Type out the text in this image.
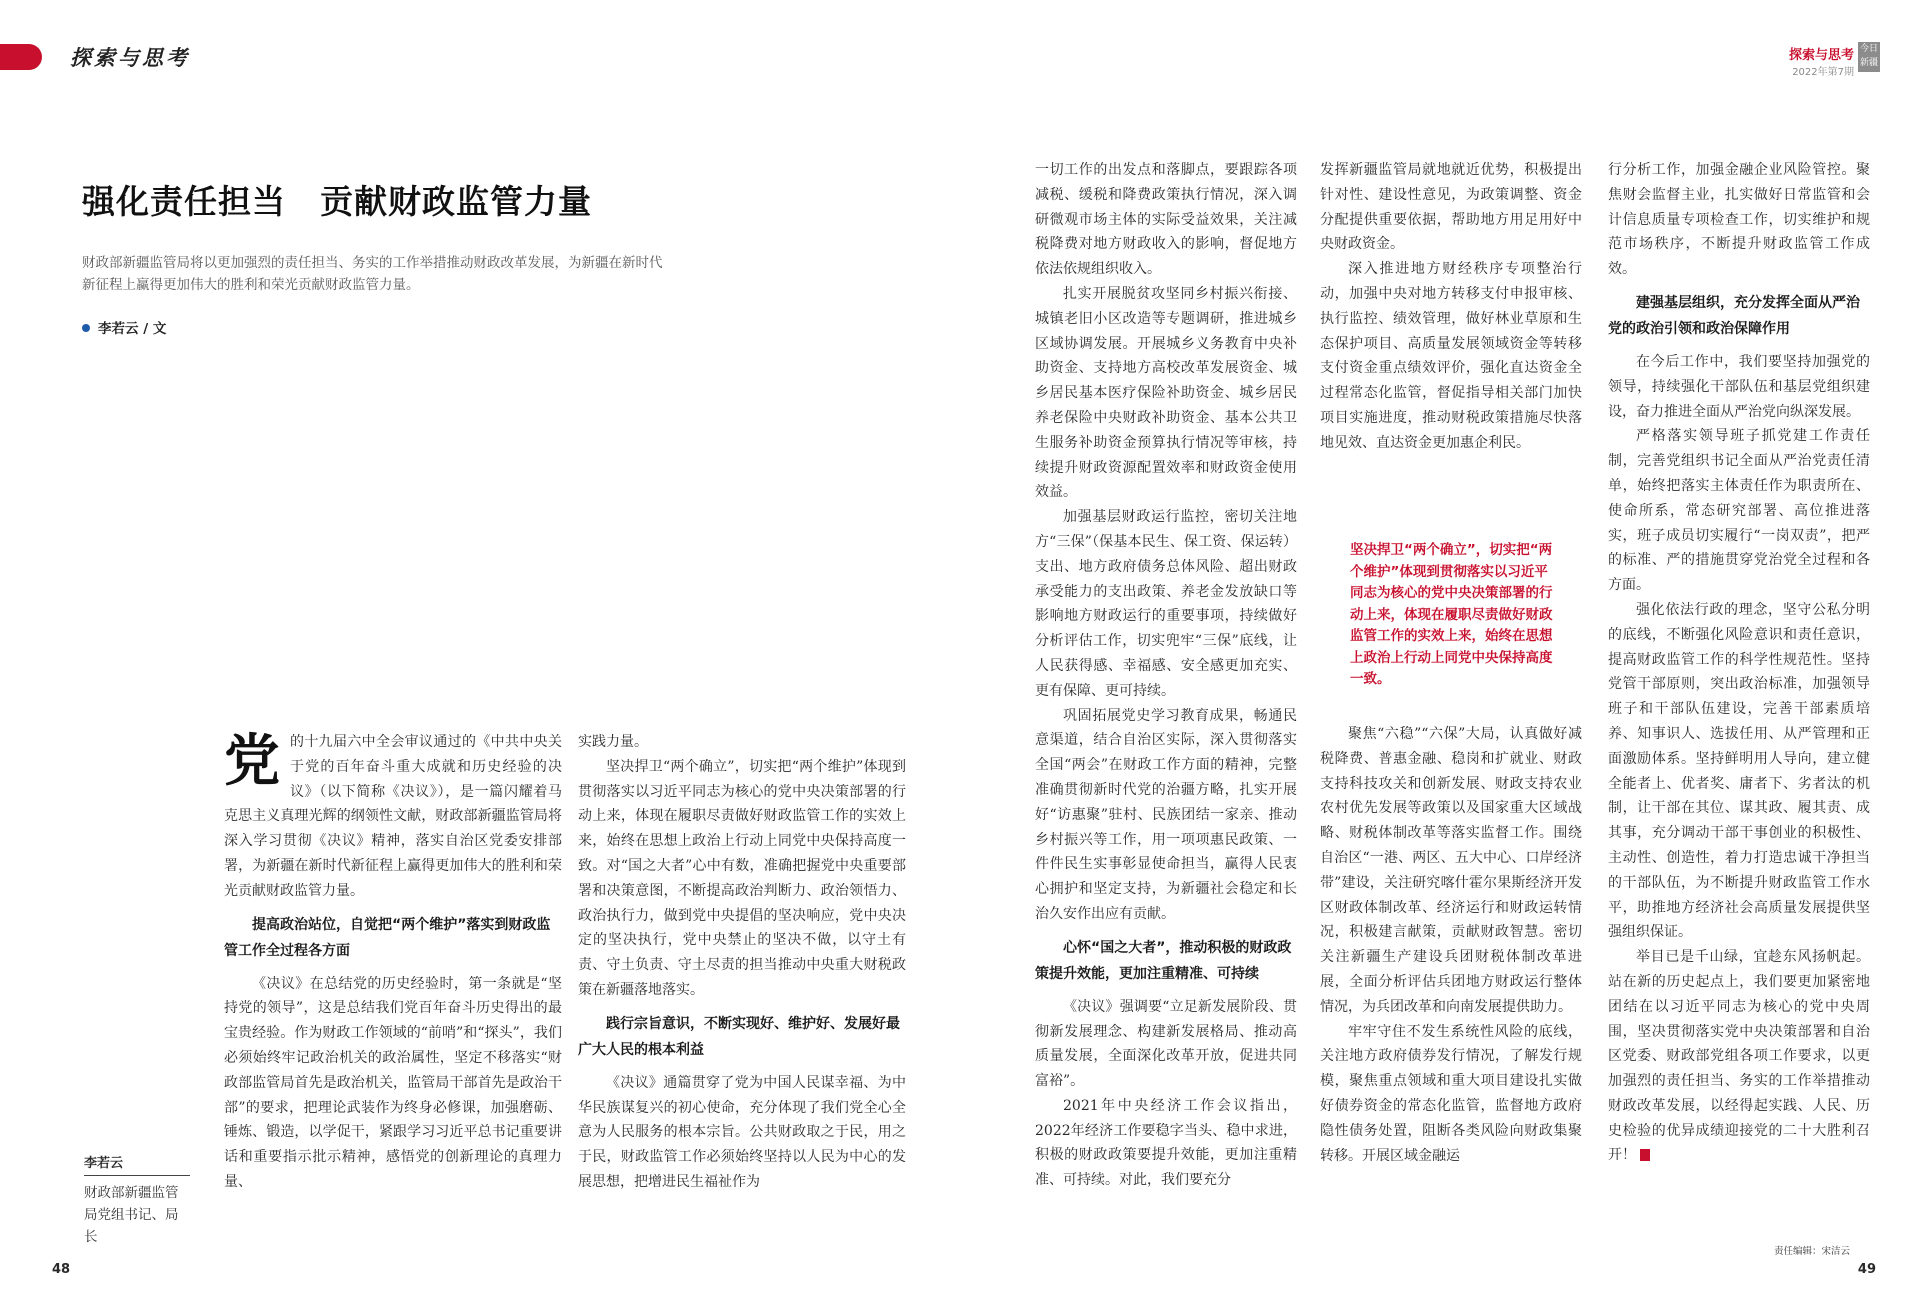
探索与思考	探索与思考
2022年第7期
今日新疆
强化责任担当　贡献财政监管力量
财政部新疆监管局将以更加强烈的责任担当、务实的工作举措推动财政改革发展，为新疆在新时代新征程上赢得更加伟大的胜利和荣光贡献财政监管力量。
李若云 / 文
李若云
财政部新疆监管局党组书记、局长

党的十九届六中全会审议通过的《中共中央关于党的百年奋斗重大成就和历史经验的决议》（以下简称《决议》），是一篇闪耀着马克思主义真理光辉的纲领性文献，财政部新疆监管局将深入学习贯彻《决议》精神，落实自治区党委安排部署，为新疆在新时代新征程上赢得更加伟大的胜利和荣光贡献财政监管力量。

提高政治站位，自觉把“两个维护”落实到财政监管工作全过程各方面

《决议》在总结党的历史经验时，第一条就是“坚持党的领导”，这是总结我们党百年奋斗历史得出的最宝贵经验。作为财政工作领域的“前哨”和“探头”，我们必须始终牢记政治机关的政治属性，坚定不移落实“财政部监管局首先是政治机关，监管局干部首先是政治干部”的要求，把理论武装作为终身必修课，加强磨砺、锤炼、锻造，以学促干，紧跟学习习近平总书记重要讲话和重要指示批示精神，感悟党的创新理论的真理力量、

实践力量。

坚决捍卫“两个确立”，切实把“两个维护”体现到贯彻落实以习近平同志为核心的党中央决策部署的行动上来，体现在履职尽责做好财政监管工作的实效上来，始终在思想上政治上行动上同党中央保持高度一致。对“国之大者”心中有数，准确把握党中央重要部署和决策意图，不断提高政治判断力、政治领悟力、政治执行力，做到党中央提倡的坚决响应，党中央决定的坚决执行，党中央禁止的坚决不做，以守土有责、守土负责、守土尽责的担当推动中央重大财税政策在新疆落地落实。

践行宗旨意识，不断实现好、维护好、发展好最广大人民的根本利益

《决议》通篇贯穿了党为中国人民谋幸福、为中华民族谋复兴的初心使命，充分体现了我们党全心全意为人民服务的根本宗旨。公共财政取之于民，用之于民，财政监管工作必须始终坚持以人民为中心的发展思想，把增进民生福祉作为

一切工作的出发点和落脚点，要跟踪各项减税、缓税和降费政策执行情况，深入调研微观市场主体的实际受益效果，关注减税降费对地方财政收入的影响，督促地方依法依规组织收入。

扎实开展脱贫攻坚同乡村振兴衔接、城镇老旧小区改造等专题调研，推进城乡区域协调发展。开展城乡义务教育中央补助资金、支持地方高校改革发展资金、城乡居民基本医疗保险补助资金、城乡居民养老保险中央财政补助资金、基本公共卫生服务补助资金预算执行情况等审核，持续提升财政资源配置效率和财政资金使用效益。

加强基层财政运行监控，密切关注地方“三保”（保基本民生、保工资、保运转）支出、地方政府债务总体风险、超出财政承受能力的支出政策、养老金发放缺口等影响地方财政运行的重要事项，持续做好分析评估工作，切实兜牢“三保”底线，让人民获得感、幸福感、安全感更加充实、更有保障、更可持续。

巩固拓展党史学习教育成果，畅通民意渠道，结合自治区实际，深入贯彻落实全国“两会”在财政工作方面的精神，完整准确贯彻新时代党的治疆方略，扎实开展好“访惠聚”驻村、民族团结一家亲、推动乡村振兴等工作，用一项项惠民政策、一件件民生实事彰显使命担当，赢得人民衷心拥护和坚定支持，为新疆社会稳定和长治久安作出应有贡献。

心怀“国之大者”，推动积极的财政政策提升效能，更加注重精准、可持续

《决议》强调要“立足新发展阶段、贯彻新发展理念、构建新发展格局、推动高质量发展，全面深化改革开放，促进共同富裕”。

2021年中央经济工作会议指出，2022年经济工作要稳字当头、稳中求进，积极的财政政策要提升效能，更加注重精准、可持续。对此，我们要充分

发挥新疆监管局就地就近优势，积极提出针对性、建设性意见，为政策调整、资金分配提供重要依据，帮助地方用足用好中央财政资金。

深入推进地方财经秩序专项整治行动，加强中央对地方转移支付申报审核、执行监控、绩效管理，做好林业草原和生态保护项目、高质量发展领域资金等转移支付资金重点绩效评价，强化直达资金全过程常态化监管，督促指导相关部门加快项目实施进度，推动财税政策措施尽快落地见效、直达资金更加惠企利民。

坚决捍卫“两个确立”，切实把“两个维护”体现到贯彻落实以习近平同志为核心的党中央决策部署的行动上来，体现在履职尽责做好财政监管工作的实效上来，始终在思想上政治上行动上同党中央保持高度一致。

聚焦“六稳”“六保”大局，认真做好减税降费、普惠金融、稳岗和扩就业、财政支持科技攻关和创新发展、财政支持农业农村优先发展等政策以及国家重大区域战略、财税体制改革等落实监督工作。围绕自治区“一港、两区、五大中心、口岸经济带”建设，关注研究喀什霍尔果斯经济开发区财政体制改革、经济运行和财政运转情况，积极建言献策，贡献财政智慧。密切关注新疆生产建设兵团财税体制改革进展，全面分析评估兵团地方财政运行整体情况，为兵团改革和向南发展提供助力。

牢牢守住不发生系统性风险的底线，关注地方政府债券发行情况，了解发行规模，聚焦重点领域和重大项目建设扎实做好债券资金的常态化监管，监督地方政府隐性债务处置，阻断各类风险向财政集聚转移。开展区域金融运

行分析工作，加强金融企业风险管控。聚焦财会监督主业，扎实做好日常监管和会计信息质量专项检查工作，切实维护和规范市场秩序，不断提升财政监管工作成效。

建强基层组织，充分发挥全面从严治党的政治引领和政治保障作用

在今后工作中，我们要坚持加强党的领导，持续强化干部队伍和基层党组织建设，奋力推进全面从严治党向纵深发展。

严格落实领导班子抓党建工作责任制，完善党组织书记全面从严治党责任清单，始终把落实主体责任作为职责所在、使命所系，常态研究部署、高位推进落实，班子成员切实履行“一岗双责”，把严的标准、严的措施贯穿党治党全过程和各方面。

强化依法行政的理念，坚守公私分明的底线，不断强化风险意识和责任意识，提高财政监管工作的科学性规范性。坚持党管干部原则，突出政治标准，加强领导班子和干部队伍建设，完善干部素质培养、知事识人、选拔任用、从严管理和正面激励体系。坚持鲜明用人导向，建立健全能者上、优者奖、庸者下、劣者汰的机制，让干部在其位、谋其政、履其责、成其事，充分调动干部干事创业的积极性、主动性、创造性，着力打造忠诚干净担当的干部队伍，为不断提升财政监管工作水平，助推地方经济社会高质量发展提供坚强组织保证。

举目已是千山绿，宜趁东风扬帆起。站在新的历史起点上，我们要更加紧密地团结在以习近平同志为核心的党中央周围，坚决贯彻落实党中央决策部署和自治区党委、财政部党组各项工作要求，以更加强烈的责任担当、务实的工作举措推动财政改革发展，以经得起实践、人民、历史检验的优异成绩迎接党的二十大胜利召开！

48
责任编辑：宋洁云
49
